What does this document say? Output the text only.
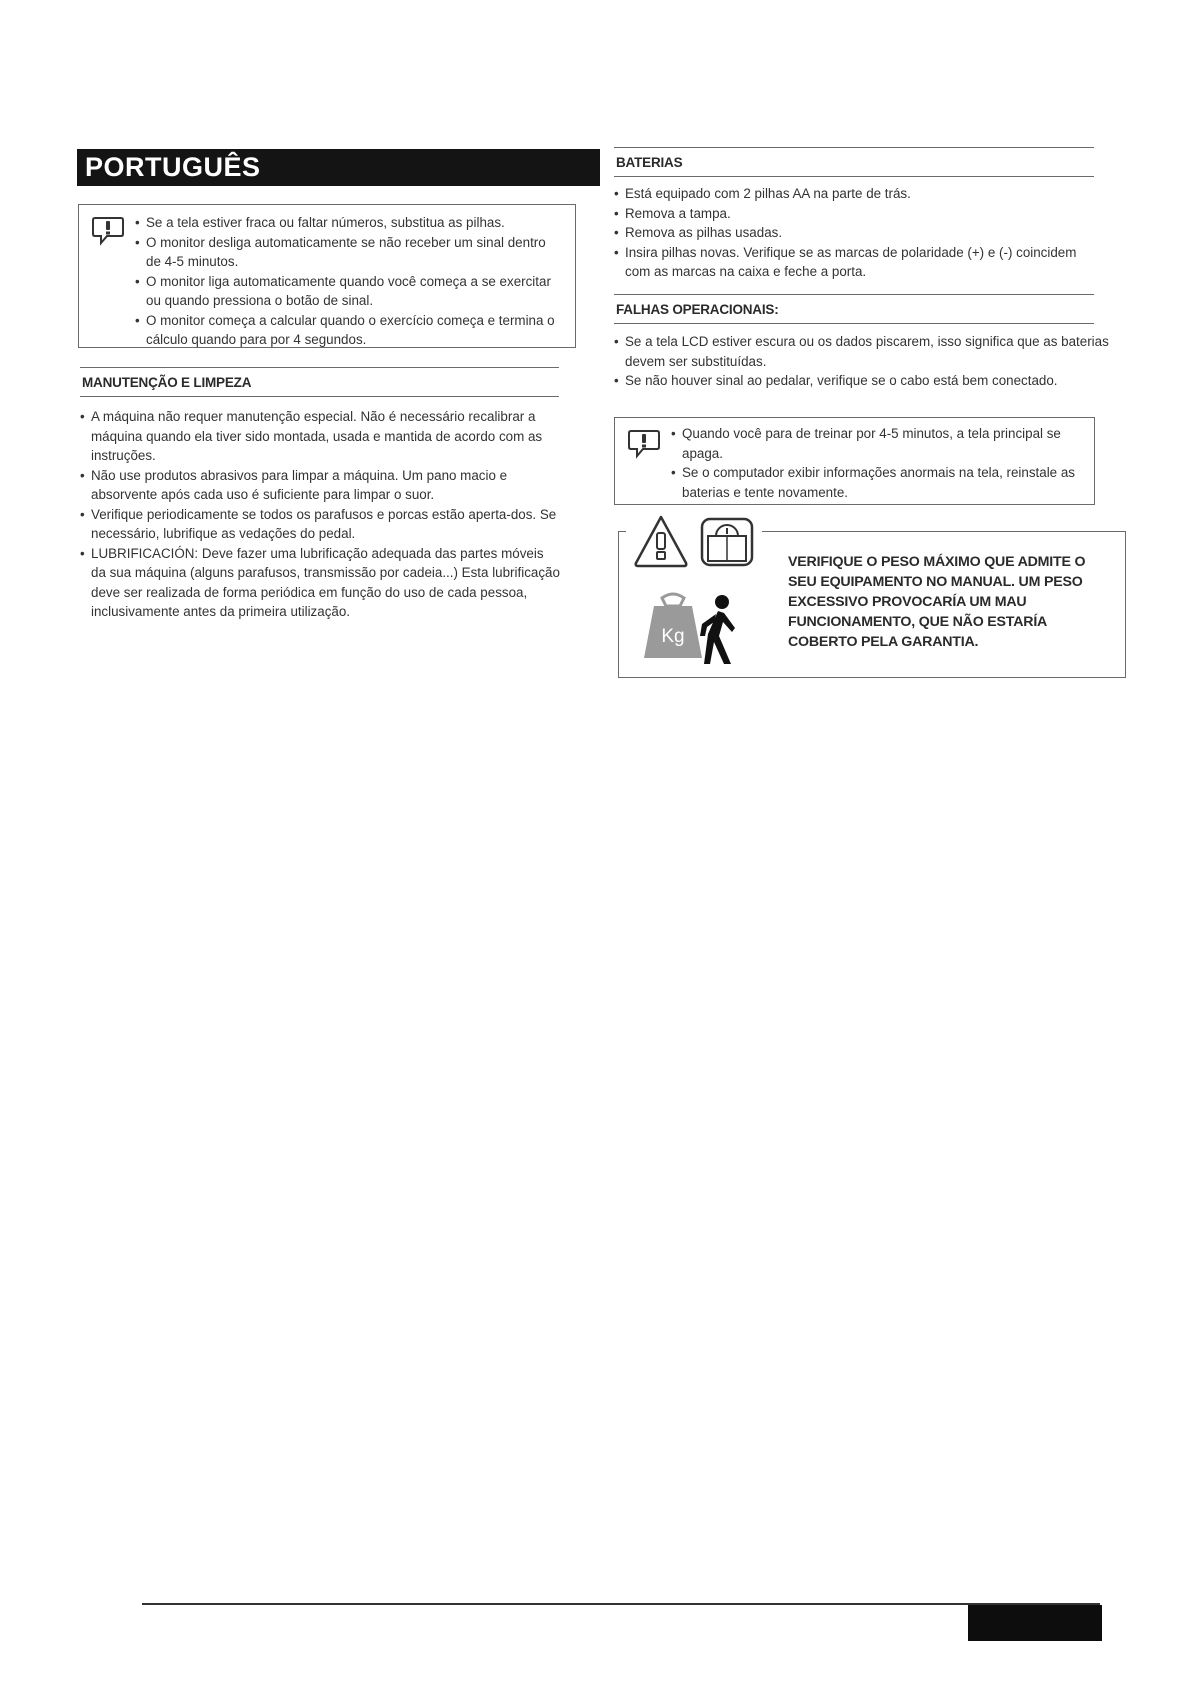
PORTUGUÊS
• Se a tela estiver fraca ou faltar números, substitua as pilhas.
• O monitor desliga automaticamente se não receber um sinal dentro de 4-5 minutos.
• O monitor liga automaticamente quando você começa a se exercitar ou quando pressiona o botão de sinal.
• O monitor começa a calcular quando o exercício começa e termina o cálculo quando para por 4 segundos.
MANUTENÇÃO E LIMPEZA
• A máquina não requer manutenção especial. Não é necessário recalibrar a máquina quando ela tiver sido montada, usada e mantida de acordo com as instruções.
• Não use produtos abrasivos para limpar a máquina. Um pano macio e absorvente após cada uso é suficiente para limpar o suor.
• Verifique periodicamente se todos os parafusos e porcas estão aperta-dos. Se necessário, lubrifique as vedações do pedal.
• LUBRIFICACIÓN: Deve fazer uma lubrificação adequada das partes móveis da sua máquina (alguns parafusos, transmissão por cadeia...) Esta lubrificação deve ser realizada de forma periódica em função do uso de cada pessoa, inclusivamente antes da primeira utilização.
BATERIAS
• Está equipado com 2 pilhas AA na parte de trás.
• Remova a tampa.
• Remova as pilhas usadas.
• Insira pilhas novas. Verifique se as marcas de polaridade (+) e (-) coincidem com as marcas na caixa e feche a porta.
FALHAS OPERACIONAIS:
• Se a tela LCD estiver escura ou os dados piscarem, isso significa que as baterias devem ser substituídas.
• Se não houver sinal ao pedalar, verifique se o cabo está bem conectado.
• Quando você para de treinar por 4-5 minutos, a tela principal se apaga.
• Se o computador exibir informações anormais na tela, reinstale as baterias e tente novamente.
Kg
VERIFIQUE O PESO MÁXIMO QUE ADMITE O SEU EQUIPAMENTO NO MANUAL. UM PESO EXCESSIVO PROVOCARÍA UM MAU FUNCIONAMENTO, QUE NÃO ESTARÍA COBERTO PELA GARANTIA.
